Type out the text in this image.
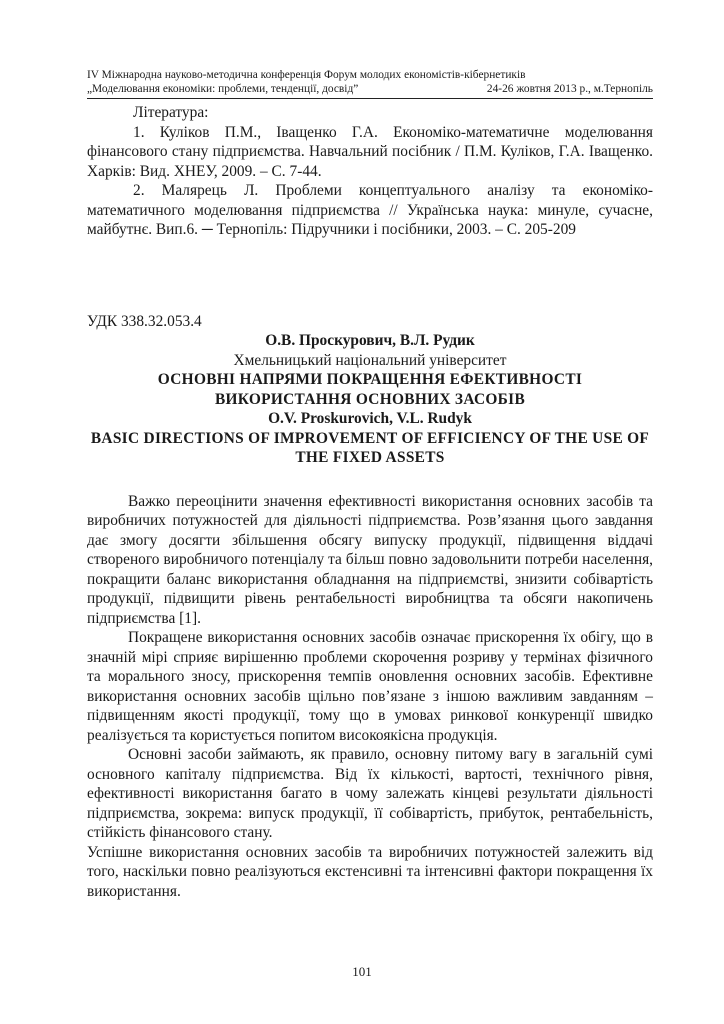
IV Міжнародна науково-методична конференція Форум молодих економістів-кібернетиків
„Моделювання економіки: проблеми, тенденції, досвід”	24-26 жовтня 2013 р., м.Тернопіль

Література:

1. Куліков П.М., Іващенко Г.А. Економіко-математичне моделювання фінансового стану підприємства. Навчальний посібник / П.М. Куліков, Г.А. Іващенко. Харків: Вид. ХНЕУ, 2009. – С. 7-44.

2. Малярець Л. Проблеми концептуального аналізу та економіко-математичного моделювання підприємства // Українська наука: минуле, сучасне, майбутнє. Вип.6. ─ Тернопіль: Підручники і посібники, 2003. – С. 205-209

УДК 338.32.053.4

О.В. Проскурович, В.Л. Рудик

Хмельницький національний університет

ОСНОВНІ НАПРЯМИ ПОКРАЩЕННЯ ЕФЕКТИВНОСТІ ВИКОРИСТАННЯ ОСНОВНИХ ЗАСОБІВ

O.V. Proskurovich, V.L. Rudyk

BASIC DIRECTIONS OF IMPROVEMENT OF EFFICIENCY OF THE USE OF THE FIXED ASSETS

Важко переоцінити значення ефективності використання основних засобів та виробничих потужностей для діяльності підприємства. Розв’язання цього завдання дає змогу досягти збільшення обсягу випуску продукції, підвищення віддачі створеного виробничого потенціалу та більш повно задовольнити потреби населення, покращити баланс використання обладнання на підприємстві, знизити собівартість продукції, підвищити рівень рентабельності виробництва та обсяги накопичень підприємства [1].

Покращене використання основних засобів означає прискорення їх обігу, що в значній мірі сприяє вирішенню проблеми скорочення розриву у термінах фізичного та морального зносу, прискорення темпів оновлення основних засобів. Ефективне використання основних засобів щільно пов’язане з іншою важливим завданням – підвищенням якості продукції, тому що в умовах ринкової конкуренції швидко реалізується та користується попитом високоякісна продукція.

Основні засоби займають, як правило, основну питому вагу в загальній сумі основного капіталу підприємства. Від їх кількості, вартості, технічного рівня, ефективності використання багато в чому залежать кінцеві результати діяльності підприємства, зокрема: випуск продукції, її собівартість, прибуток, рентабельність, стійкість фінансового стану.

Успішне використання основних засобів та виробничих потужностей залежить від того, наскільки повно реалізуються екстенсивні та інтенсивні фактори покращення їх використання.

101
